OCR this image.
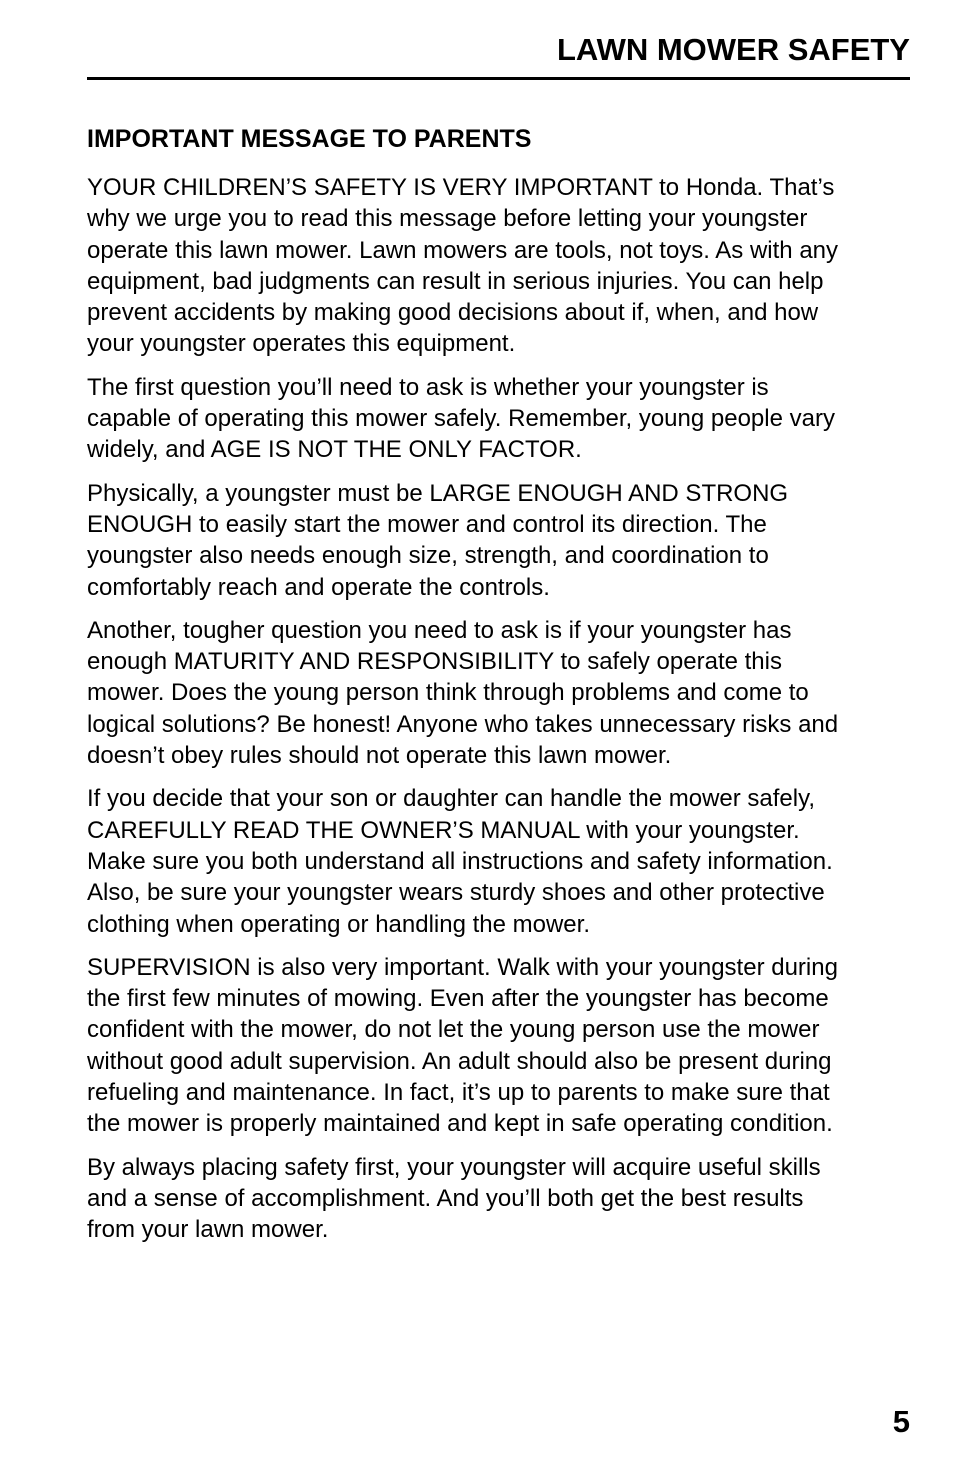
LAWN MOWER SAFETY
IMPORTANT MESSAGE TO PARENTS

YOUR CHILDREN’S SAFETY IS VERY IMPORTANT to Honda. That’s
why we urge you to read this message before letting your youngster
operate this lawn mower. Lawn mowers are tools, not toys. As with any
equipment, bad judgments can result in serious injuries. You can help
prevent accidents by making good decisions about if, when, and how
your youngster operates this equipment.

The first question you’ll need to ask is whether your youngster is
capable of operating this mower safely. Remember, young people vary
widely, and AGE IS NOT THE ONLY FACTOR.

Physically, a youngster must be LARGE ENOUGH AND STRONG
ENOUGH to easily start the mower and control its direction. The
youngster also needs enough size, strength, and coordination to
comfortably reach and operate the controls.

Another, tougher question you need to ask is if your youngster has
enough MATURITY AND RESPONSIBILITY to safely operate this
mower. Does the young person think through problems and come to
logical solutions? Be honest! Anyone who takes unnecessary risks and
doesn’t obey rules should not operate this lawn mower.

If you decide that your son or daughter can handle the mower safely,
CAREFULLY READ THE OWNER’S MANUAL with your youngster.
Make sure you both understand all instructions and safety information.
Also, be sure your youngster wears sturdy shoes and other protective
clothing when operating or handling the mower.

SUPERVISION is also very important. Walk with your youngster during
the first few minutes of mowing. Even after the youngster has become
confident with the mower, do not let the young person use the mower
without good adult supervision. An adult should also be present during
refueling and maintenance. In fact, it’s up to parents to make sure that
the mower is properly maintained and kept in safe operating condition.

By always placing safety first, your youngster will acquire useful skills
and a sense of accomplishment. And you’ll both get the best results
from your lawn mower.

5
